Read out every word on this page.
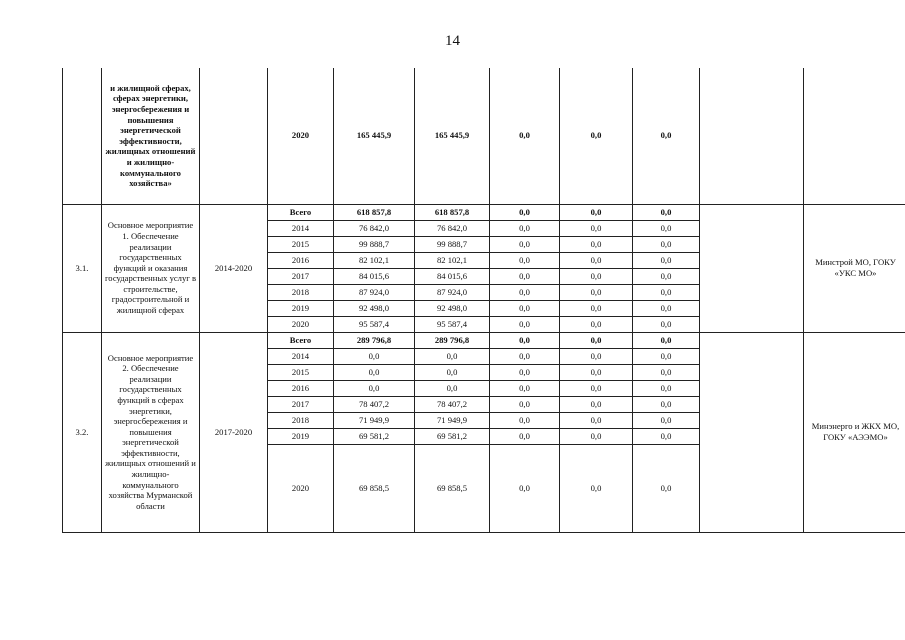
14
	и жилищной сферах, сферах энергетики, энергосбережения и повышения энергетической эффективности, жилищных отношений и жилищно-коммунального хозяйства»		2020	165 445,9	165 445,9	0,0	0,0	0,0		
3.1.	Основное мероприятие 1. Обеспечение реализации государственных функций и оказания государственных услуг в строительстве, градостроительной и жилищной сферах	2014-2020	Всего	618 857,8	618 857,8	0,0	0,0	0,0		Минстрой МО, ГОКУ «УКС МО»
			2014	76 842,0	76 842,0	0,0	0,0	0,0		
			2015	99 888,7	99 888,7	0,0	0,0	0,0		
			2016	82 102,1	82 102,1	0,0	0,0	0,0		
			2017	84 015,6	84 015,6	0,0	0,0	0,0		
			2018	87 924,0	87 924,0	0,0	0,0	0,0		
			2019	92 498,0	92 498,0	0,0	0,0	0,0		
			2020	95 587,4	95 587,4	0,0	0,0	0,0		
3.2.	Основное мероприятие 2. Обеспечение реализации государственных функций в сферах энергетики, энергосбережения и повышения энергетической эффективности, жилищных отношений и жилищно-коммунального хозяйства Мурманской области	2017-2020	Всего	289 796,8	289 796,8	0,0	0,0	0,0		Минэнерго и ЖКХ МО, ГОКУ «АЭЭМО»
			2014	0,0	0,0	0,0	0,0	0,0		
			2015	0,0	0,0	0,0	0,0	0,0		
			2016	0,0	0,0	0,0	0,0	0,0		
			2017	78 407,2	78 407,2	0,0	0,0	0,0		
			2018	71 949,9	71 949,9	0,0	0,0	0,0		
			2019	69 581,2	69 581,2	0,0	0,0	0,0		
			2020	69 858,5	69 858,5	0,0	0,0	0,0		
